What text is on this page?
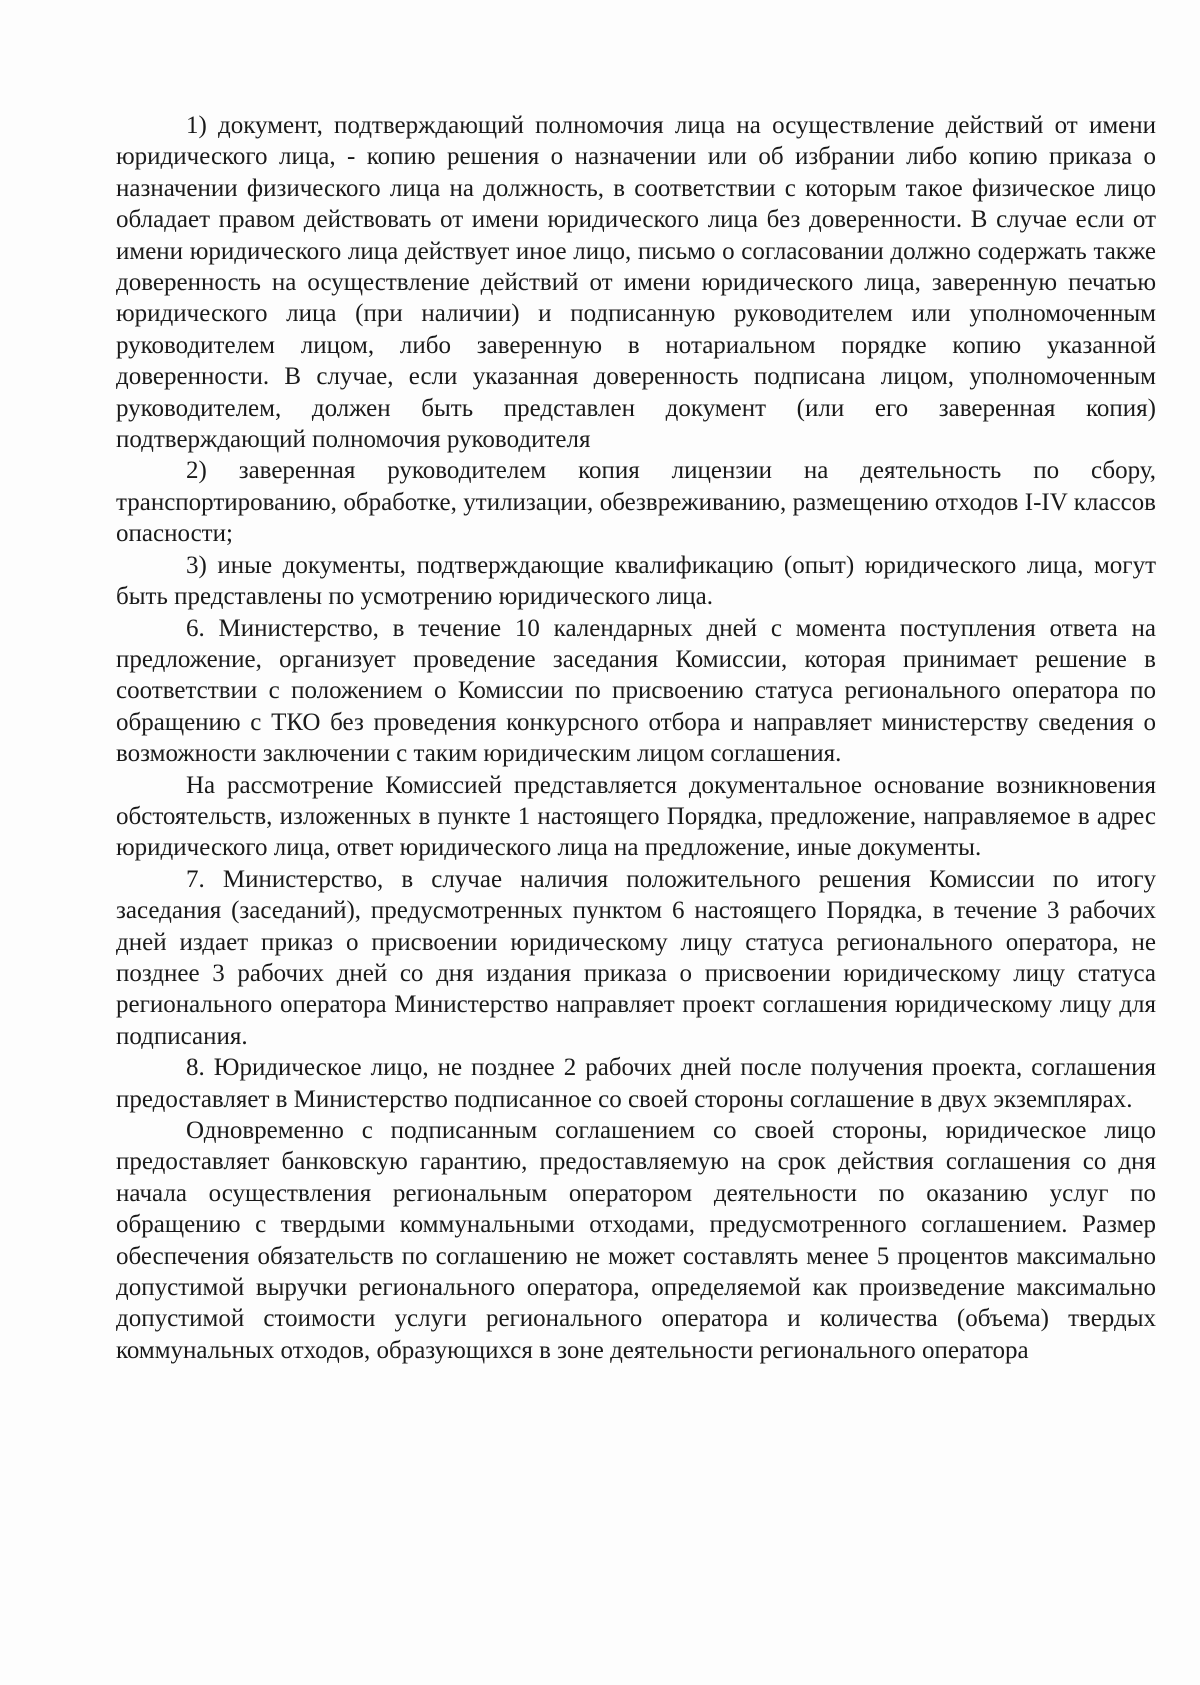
1) документ, подтверждающий полномочия лица на осуществление действий от имени юридического лица, - копию решения о назначении или об избрании либо копию приказа о назначении физического лица на должность, в соответствии с которым такое физическое лицо обладает правом действовать от имени юридического лица без доверенности. В случае если от имени юридического лица действует иное лицо, письмо о согласовании должно содержать также доверенность на осуществление действий от имени юридического лица, заверенную печатью юридического лица (при наличии) и подписанную руководителем или уполномоченным руководителем лицом, либо заверенную в нотариальном порядке копию указанной доверенности. В случае, если указанная доверенность подписана лицом, уполномоченным руководителем, должен быть представлен документ (или его заверенная копия) подтверждающий полномочия руководителя

2) заверенная руководителем копия лицензии на деятельность по сбору, транспортированию, обработке, утилизации, обезвреживанию, размещению отходов I-IV классов опасности;

3) иные документы, подтверждающие квалификацию (опыт) юридического лица, могут быть представлены по усмотрению юридического лица.

6. Министерство, в течение 10 календарных дней с момента поступления ответа на предложение, организует проведение заседания Комиссии, которая принимает решение в соответствии с положением о Комиссии по присвоению статуса регионального оператора по обращению с ТКО без проведения конкурсного отбора и направляет министерству сведения о возможности заключении с таким юридическим лицом соглашения.

На рассмотрение Комиссией представляется документальное основание возникновения обстоятельств, изложенных в пункте 1 настоящего Порядка, предложение, направляемое в адрес юридического лица, ответ юридического лица на предложение, иные документы.

7. Министерство, в случае наличия положительного решения Комиссии по итогу заседания (заседаний), предусмотренных пунктом 6 настоящего Порядка, в течение 3 рабочих дней издает приказ о присвоении юридическому лицу статуса регионального оператора, не позднее 3 рабочих дней со дня издания приказа о присвоении юридическому лицу статуса регионального оператора Министерство направляет проект соглашения юридическому лицу для подписания.

8. Юридическое лицо, не позднее 2 рабочих дней после получения проекта, соглашения предоставляет в Министерство подписанное со своей стороны соглашение в двух экземплярах.

Одновременно с подписанным соглашением со своей стороны, юридическое лицо предоставляет банковскую гарантию, предоставляемую на срок действия соглашения со дня начала осуществления региональным оператором деятельности по оказанию услуг по обращению с твердыми коммунальными отходами, предусмотренного соглашением. Размер обеспечения обязательств по соглашению не может составлять менее 5 процентов максимально допустимой выручки регионального оператора, определяемой как произведение максимально допустимой стоимости услуги регионального оператора и количества (объема) твердых коммунальных отходов, образующихся в зоне деятельности регионального оператора
